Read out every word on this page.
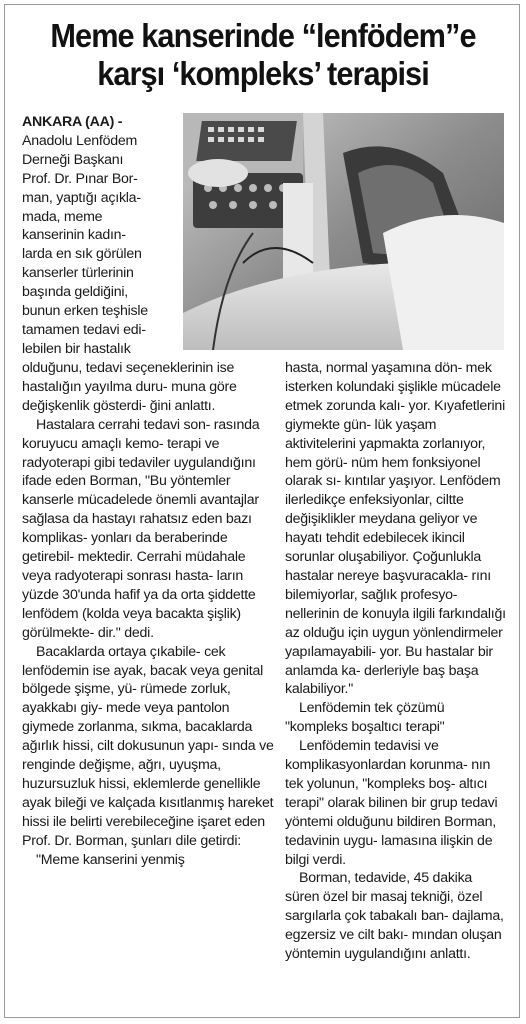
Meme kanserinde “lenfödem”e
karşı ‘kompleks’ terapisi
ANKARA (AA) -
Anadolu Lenfödem
Derneği Başkanı
Prof. Dr. Pınar Bor-
man, yaptığı açıkla-
mada, meme
kanserinin kadın-
larda en sık görülen
kanserler türlerinin
başında geldiğini,
bunun erken teşhisle
tamamen tedavi edi-
lebilen bir hastalık

olduğunu, tedavi seçeneklerinin ise hastalığın yayılma duru- muna göre değişkenlik gösterdi- ğini anlattı.

Hastalara cerrahi tedavi son- rasında koruyucu amaçlı kemo- terapi ve radyoterapi gibi tedaviler uygulandığını ifade eden Borman, "Bu yöntemler kanserle mücadelede önemli avantajlar sağlasa da hastayı rahatsız eden bazı komplikas- yonları da beraberinde getirebil- mektedir. Cerrahi müdahale veya radyoterapi sonrası hasta- ların yüzde 30'unda hafif ya da orta şiddette lenfödem (kolda veya bacakta şişlik) görülmekte- dir." dedi.

Bacaklarda ortaya çıkabile- cek lenfödemin ise ayak, bacak veya genital bölgede şişme, yü- rümede zorluk, ayakkabı giy- mede veya pantolon giymede zorlanma, sıkma, bacaklarda ağırlık hissi, cilt dokusunun yapı- sında ve renginde değişme, ağrı, uyuşma, huzursuzluk hissi, eklemlerde genellikle ayak bileği ve kalçada kısıtlanmış hareket hissi ile belirti verebileceğine işaret eden Prof. Dr. Borman, şunları dile getirdi:

"Meme kanserini yenmiş

hasta, normal yaşamına dön- mek isterken kolundaki şişlikle mücadele etmek zorunda kalı- yor. Kıyafetlerini giymekte gün- lük yaşam aktivitelerini yapmakta zorlanıyor, hem görü- nüm hem fonksiyonel olarak sı- kıntılar yaşıyor. Lenfödem ilerledikçe enfeksiyonlar, ciltte değişiklikler meydana geliyor ve hayatı tehdit edebilecek ikincil sorunlar oluşabiliyor. Çoğunlukla hastalar nereye başvuracakla- rını bilemiyorlar, sağlık profesyo- nellerinin de konuyla ilgili farkındalığı az olduğu için uygun yönlendirmeler yapılamayabili- yor. Bu hastalar bir anlamda ka- derleriyle baş başa kalabiliyor."

Lenfödemin tek çözümü

"kompleks boşaltıcı terapi"

Lenfödemin tedavisi ve komplikasyonlardan korunma- nın tek yolunun, "kompleks boş- altıcı terapi" olarak bilinen bir grup tedavi yöntemi olduğunu bildiren Borman, tedavinin uygu- lamasına ilişkin de bilgi verdi.

Borman, tedavide, 45 dakika süren özel bir masaj tekniği, özel sargılarla çok tabakalı ban- dajlama, egzersiz ve cilt bakı- mından oluşan yöntemin uygulandığını anlattı.
